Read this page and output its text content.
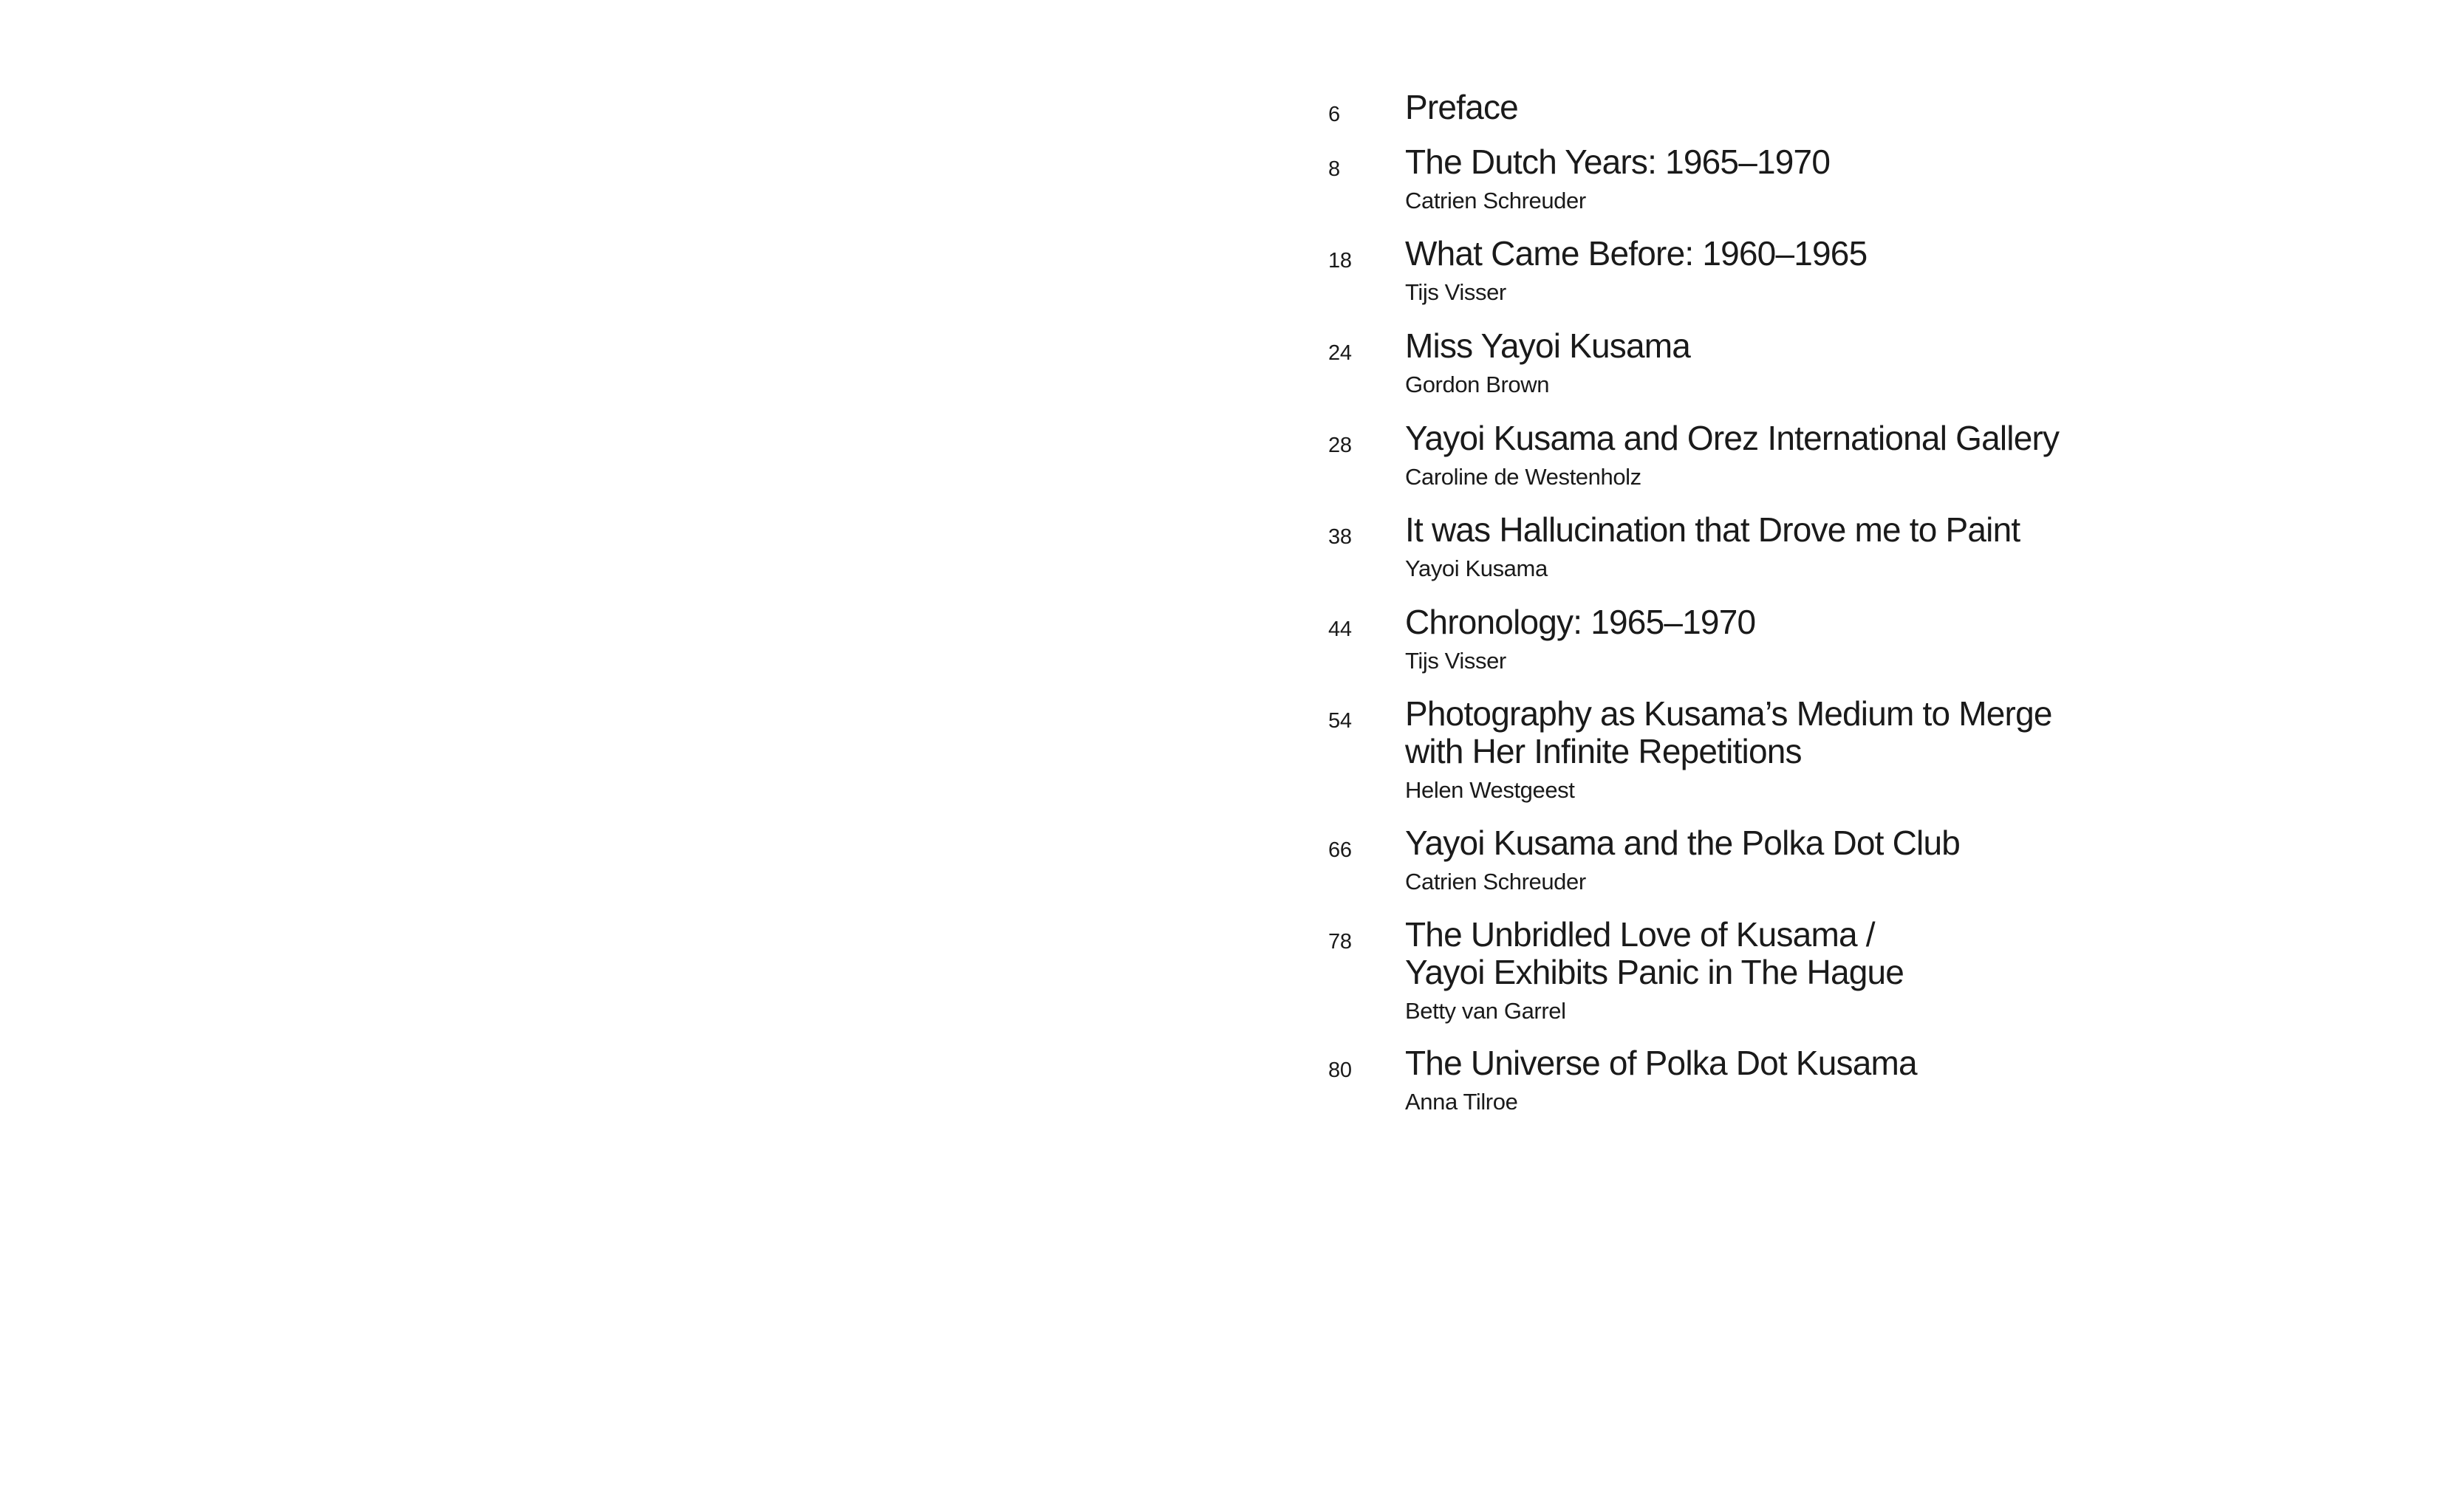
6	Preface
8	The Dutch Years: 1965–1970
Catrien Schreuder
18	What Came Before: 1960–1965
Tijs Visser
24	Miss Yayoi Kusama
Gordon Brown
28	Yayoi Kusama and Orez International Gallery
Caroline de Westenholz
38	It was Hallucination that Drove me to Paint
Yayoi Kusama
44	Chronology: 1965–1970
Tijs Visser
54	Photography as Kusama’s Medium to Merge
with Her Infinite Repetitions
Helen Westgeest
66	Yayoi Kusama and the Polka Dot Club
Catrien Schreuder
78	The Unbridled Love of Kusama /
Yayoi Exhibits Panic in The Hague
Betty van Garrel
80	The Universe of Polka Dot Kusama
Anna Tilroe
